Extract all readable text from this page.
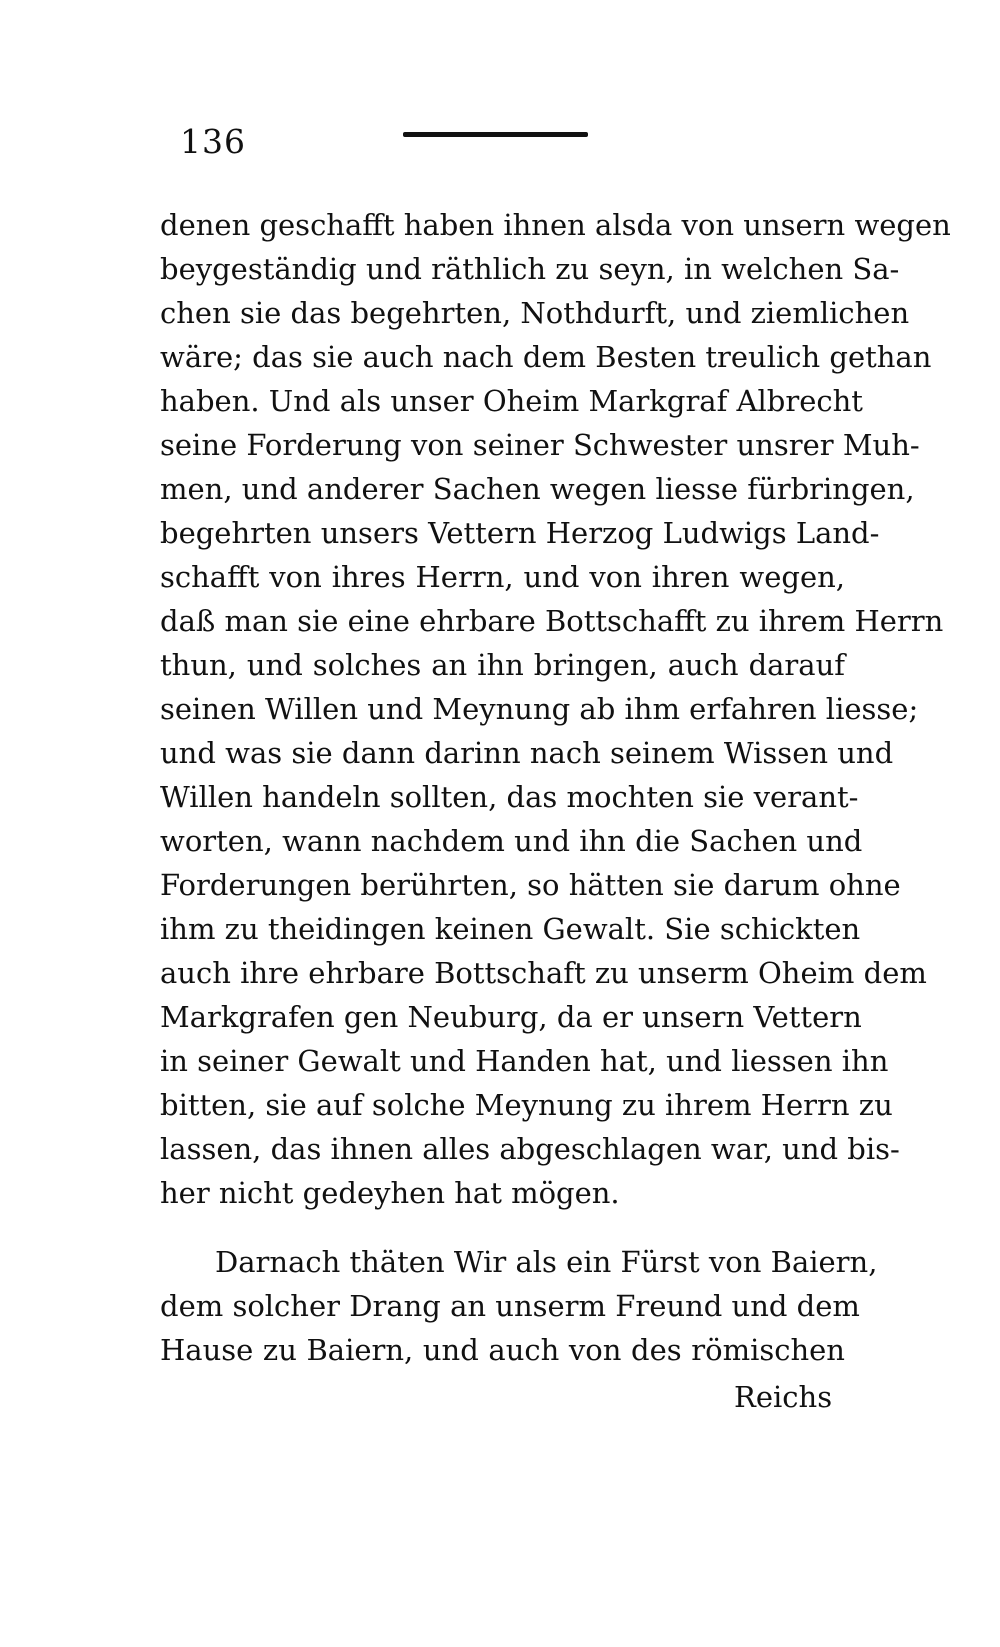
136
denen geschafft haben ihnen alsda von unsern wegen
beygeständig und räthlich zu seyn, in welchen Sa-
chen sie das begehrten, Nothdurft, und ziemlichen
wäre; das sie auch nach dem Besten treulich gethan
haben. Und als unser Oheim Markgraf Albrecht
seine Forderung von seiner Schwester unsrer Muh-
men, und anderer Sachen wegen liesse fürbringen,
begehrten unsers Vettern Herzog Ludwigs Land-
schafft von ihres Herrn, und von ihren wegen,
daß man sie eine ehrbare Bottschafft zu ihrem Herrn
thun, und solches an ihn bringen, auch darauf
seinen Willen und Meynung ab ihm erfahren liesse;
und was sie dann darinn nach seinem Wissen und
Willen handeln sollten, das mochten sie verant-
worten, wann nachdem und ihn die Sachen und
Forderungen berührten, so hätten sie darum ohne
ihm zu theidingen keinen Gewalt. Sie schickten
auch ihre ehrbare Bottschaft zu unserm Oheim dem
Markgrafen gen Neuburg, da er unsern Vettern
in seiner Gewalt und Handen hat, und liessen ihn
bitten, sie auf solche Meynung zu ihrem Herrn zu
lassen, das ihnen alles abgeschlagen war, und bis-
her nicht gedeyhen hat mögen.
Darnach thäten Wir als ein Fürst von Baiern,
dem solcher Drang an unserm Freund und dem
Hause zu Baiern, und auch von des römischen
Reichs
